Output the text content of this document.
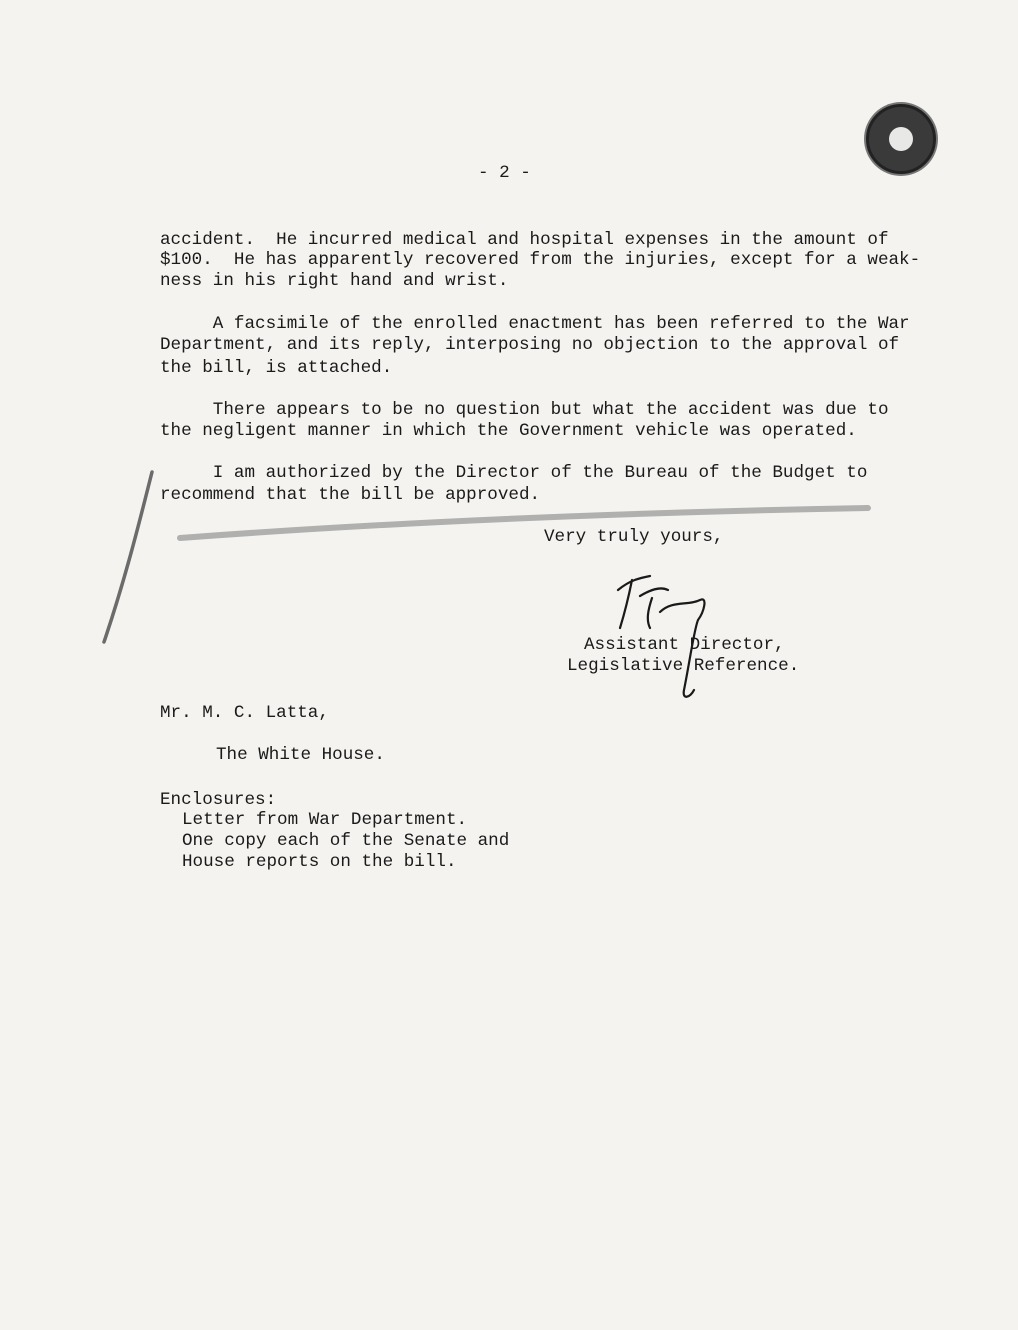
- 2 -
accident.  He incurred medical and hospital expenses in the amount of
$100.  He has apparently recovered from the injuries, except for a weak-
ness in his right hand and wrist.
A facsimile of the enrolled enactment has been referred to the War
Department, and its reply, interposing no objection to the approval of
the bill, is attached.
There appears to be no question but what the accident was due to
the negligent manner in which the Government vehicle was operated.
I am authorized by the Director of the Bureau of the Budget to
recommend that the bill be approved.
Very truly yours,
Assistant Director,
Legislative Reference.
Mr. M. C. Latta,
The White House.
Enclosures:
Letter from War Department.
One copy each of the Senate and
House reports on the bill.
